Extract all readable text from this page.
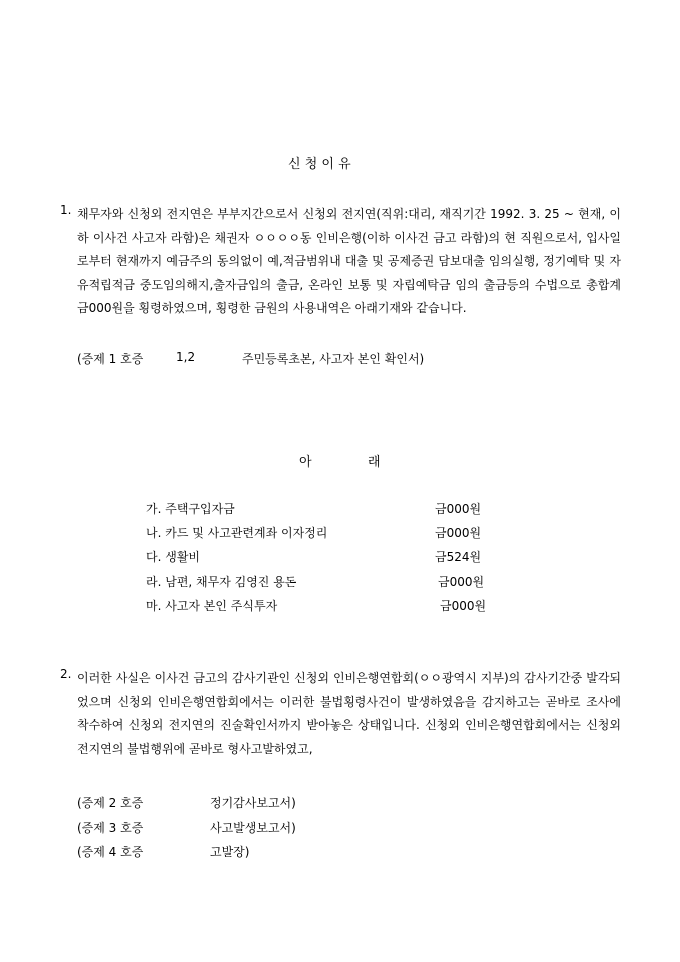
신 청 이 유
1. 채무자와 신청외 전지연은 부부지간으로서 신청외 전지연(직위:대리, 재직기간 1992. 3. 25 ~ 현재, 이하 이사건 사고자 라함)은 채권자 ㅇㅇㅇㅇ동 인비은행(이하 이사건 금고 라함)의 현 직원으로서, 입사일로부터 현재까지 예금주의 동의없이 예,적금범위내 대출 및 공제증권 담보대출 임의실행, 정기예탁 및 자유적립적금 중도임의해지,출자금입의 출금, 온라인 보통 및 자립예탁금 임의 출금등의 수법으로 총합계금000원을 횡령하였으며, 횡령한 금원의 사용내역은 아래기재와 같습니다.
(증제 1 호증	1,2	주민등록초본, 사고자 본인 확인서)
아	래
가. 주택구입자금	금000원
나. 카드 및 사고관련계좌 이자정리	금000원
다. 생활비	금524원
라. 남편, 채무자 김영진 용돈	금000원
마. 사고자 본인 주식투자	금000원
2. 이러한 사실은 이사건 금고의 감사기관인 신청외 인비은행연합회(ㅇㅇ광역시 지부)의 감사기간중 발각되었으며 신청외 인비은행연합회에서는 이러한 불법횡령사건이 발생하였음을 감지하고는 곧바로 조사에 착수하여 신청외 전지연의 진술확인서까지 받아놓은 상태입니다. 신청외 인비은행연합회에서는 신청외 전지연의 불법행위에 곧바로 형사고발하였고,
(증제 2 호증	정기감사보고서)
(증제 3 호증	사고발생보고서)
(증제 4 호증	고발장)
